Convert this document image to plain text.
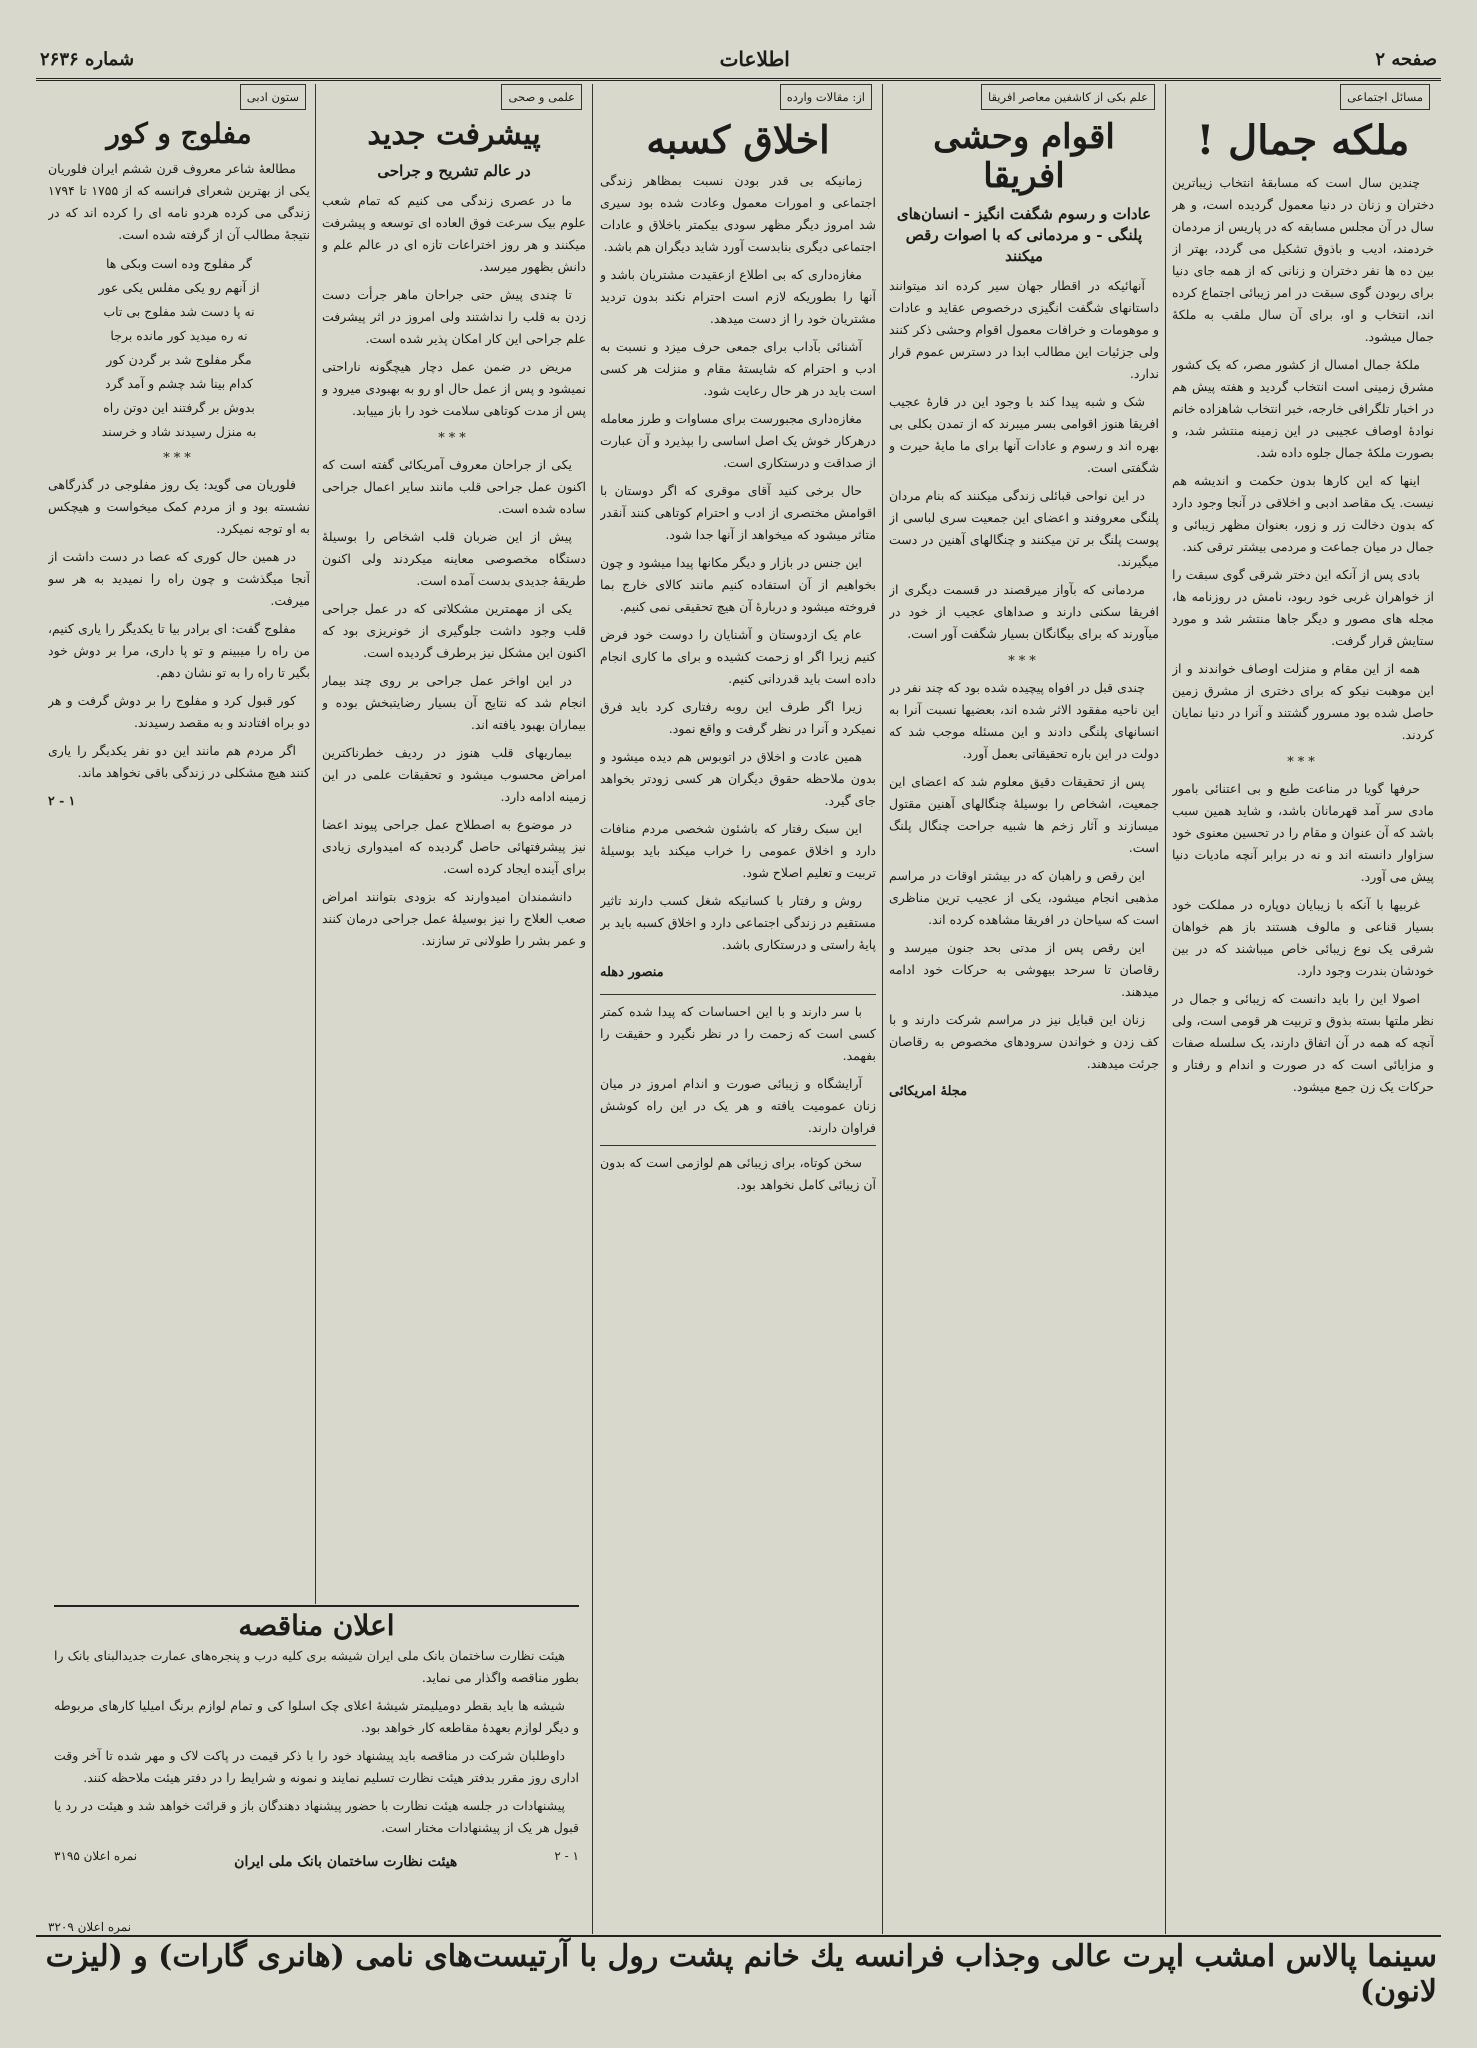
صفحه ۲
اطلاعات
شماره ۲۶۳۶
مسائل اجتماعی
ملکه جمال !

چندین سال است که مسابقهٔ انتخاب زیباترین دختران و زنان در دنیا معمول گردیده است، و هر سال در آن مجلس مسابقه که در پاریس از مردمان خردمند، ادیب و باذوق تشکیل می گردد، بهتر از بین ده ها نفر دختران و زنانی که از همه جای دنیا برای ربودن گوی سبقت در امر زیبائی اجتماع کرده اند، انتخاب و او، برای آن سال ملقب به ملکهٔ جمال میشود.

ملکهٔ جمال امسال از کشور مصر، که یک کشور مشرق زمینی است انتخاب گردید و هفته پیش هم در اخبار تلگرافی خارجه، خبر انتخاب شاهزاده خانم نوادهٔ اوصاف عجیبی در این زمینه منتشر شد، و بصورت ملکهٔ جمال جلوه داده شد.

اینها که این کارها بدون حکمت و اندیشه هم نیست. یک مقاصد ادبی و اخلاقی در آنجا وجود دارد که بدون دخالت زر و زور، بعنوان مظهر زیبائی و جمال در میان جماعت و مردمی بیشتر ترقی کند.

بادی پس از آنکه این دختر شرقی گوی سبقت را از خواهران غربی خود ربود، نامش در روزنامه ها، مجله های مصور و دیگر جاها منتشر شد و مورد ستایش قرار گرفت.

همه از این مقام و منزلت اوصاف خواندند و از این موهبت نیکو که برای دختری از مشرق زمین حاصل شده بود مسرور گشتند و آنرا در دنیا نمایان کردند.

***

حرفها گویا در مناعت طبع و بی اعتنائی بامور مادی سر آمد قهرمانان باشد، و شاید همین سبب باشد که آن عنوان و مقام را در تحسین معنوی خود سزاوار دانسته اند و نه در برابر آنچه مادیات دنیا پیش می آورد.

غربیها با آنکه با زیبایان دوپاره در مملکت خود بسیار قناعی و مالوف هستند باز هم خواهان شرقی یک نوع زیبائی خاص میباشند که در بین خودشان بندرت وجود دارد.

اصولا این را باید دانست که زیبائی و جمال در نظر ملتها بسته بذوق و تربیت هر قومی است، ولی آنچه که همه در آن اتفاق دارند، یک سلسله صفات و مزایائی است که در صورت و اندام و رفتار و حرکات یک زن جمع میشود.

علم بکی از کاشفین معاصر افریقا
اقوام وحشی افریقا
عادات و رسوم شگفت انگیز - انسان‌های پلنگی - و مردمانی که با اصوات رقص میکنند

آنهائیکه در اقطار جهان سیر کرده اند میتوانند داستانهای شگفت انگیزی درخصوص عقاید و عادات و موهومات و خرافات معمول اقوام وحشی ذکر کنند ولی جزئیات این مطالب ابدا در دسترس عموم قرار ندارد.

شک و شبه پیدا کند با وجود این در قارهٔ عجیب افریقا هنوز اقوامی بسر میبرند که از تمدن بکلی بی بهره اند و رسوم و عادات آنها برای ما مایهٔ حیرت و شگفتی است.

در این نواحی قبائلی زندگی میکنند که بنام مردان پلنگی معروفند و اعضای این جمعیت سری لباسی از پوست پلنگ بر تن میکنند و چنگالهای آهنین در دست میگیرند.

مردمانی که بآواز میرقصند در قسمت دیگری از افریقا سکنی دارند و صداهای عجیب از خود در میآورند که برای بیگانگان بسیار شگفت آور است.

***

چندی قبل در افواه پیچیده شده بود که چند نفر در این ناحیه مفقود الاثر شده اند، بعضیها نسبت آنرا به انسانهای پلنگی دادند و این مسئله موجب شد که دولت در این باره تحقیقاتی بعمل آورد.

پس از تحقیقات دقیق معلوم شد که اعضای این جمعیت، اشخاص را بوسیلهٔ چنگالهای آهنین مقتول میسازند و آثار زخم ها شبیه جراحت چنگال پلنگ است.

این رقص و راهبان که در بیشتر اوقات در مراسم مذهبی انجام میشود، یکی از عجیب ترین مناظری است که سیاحان در افریقا مشاهده کرده اند.

این رقص پس از مدتی بحد جنون میرسد و رقاصان تا سرحد بیهوشی به حرکات خود ادامه میدهند.

زنان این قبایل نیز در مراسم شرکت دارند و با کف زدن و خواندن سرودهای مخصوص به رقاصان جرئت میدهند.

مجلهٔ امریکائی
از: مقالات وارده
اخلاق کسبه

زمانیکه بی قدر بودن نسبت بمظاهر زندگی اجتماعی و امورات معمول وعادت شده بود سیری شد امروز دیگر مظهر سودی بیکمتر باخلاق و عادات اجتماعی دیگری بنابدست آورد شاید دیگران هم باشد.

مغازه‌داری که بی اطلاع ازعقیدت مشتریان باشد و آنها را بطوریکه لازم است احترام نکند بدون تردید مشتریان خود را از دست میدهد.

آشنائی بآداب برای جمعی حرف میزد و نسبت به ادب و احترام که شایستهٔ مقام و منزلت هر کسی است باید در هر حال رعایت شود.

مغازه‌داری مجبورست برای مساوات و طرز معامله درهرکار خوش یک اصل اساسی را بپذیرد و آن عبارت از صداقت و درستکاری است.

حال برخی کنید آقای موقری که اگر دوستان با اقوامش مختصری از ادب و احترام کوتاهی کنند آنقدر متاثر میشود که میخواهد از آنها جدا شود.

این جنس در بازار و دیگر مکانها پیدا میشود و چون بخواهیم از آن استفاده کنیم مانند کالای خارج بما فروخته میشود و دربارهٔ آن هیچ تحقیقی نمی کنیم.

عام یک ازدوستان و آشنایان را دوست خود فرض کنیم زیرا اگر او زحمت کشیده و برای ما کاری انجام داده است باید قدردانی کنیم.

زیرا اگر طرف این روبه رفتاری کرد باید فرق نمیکرد و آنرا در نظر گرفت و واقع نمود.

همین عادت و اخلاق در اتوبوس هم دیده میشود و بدون ملاحظه حقوق دیگران هر کسی زودتر بخواهد جای گیرد.

این سبک رفتار که باشئون شخصی مردم منافات دارد و اخلاق عمومی را خراب میکند باید بوسیلهٔ تربیت و تعلیم اصلاح شود.

روش و رفتار با کسانیکه شغل کسب دارند تاثیر مستقیم در زندگی اجتماعی دارد و اخلاق کسبه باید بر پایهٔ راستی و درستکاری باشد.

منصور دهله

با سر دارند و با این احساسات که پیدا شده کمتر کسی است که زحمت را در نظر نگیرد و حقیقت را بفهمد.

آرایشگاه و زیبائی صورت و اندام امروز در میان زنان عمومیت یافته و هر یک در این راه کوشش فراوان دارند.

سخن کوتاه، برای زیبائی هم لوازمی است که بدون آن زیبائی کامل نخواهد بود.

علمی و صحی
پیشرفت جدید
در عالم تشریح و جراحی

ما در عصری زندگی می کنیم که تمام شعب علوم بیک سرعت فوق العاده ای توسعه و پیشرفت میکنند و هر روز اختراعات تازه ای در عالم علم و دانش بظهور میرسد.

تا چندی پیش حتی جراحان ماهر جرأت دست زدن به قلب را نداشتند ولی امروز در اثر پیشرفت علم جراحی این کار امکان پذیر شده است.

مریض در ضمن عمل دچار هیچگونه ناراحتی نمیشود و پس از عمل حال او رو به بهبودی میرود و پس از مدت کوتاهی سلامت خود را باز مییابد.

***

یکی از جراحان معروف آمریکائی گفته است که اکنون عمل جراحی قلب مانند سایر اعمال جراحی ساده شده است.

پیش از این ضربان قلب اشخاص را بوسیلهٔ دستگاه مخصوصی معاینه میکردند ولی اکنون طریقهٔ جدیدی بدست آمده است.

یکی از مهمترین مشکلاتی که در عمل جراحی قلب وجود داشت جلوگیری از خونریزی بود که اکنون این مشکل نیز برطرف گردیده است.

در این اواخر عمل جراحی بر روی چند بیمار انجام شد که نتایج آن بسیار رضایتبخش بوده و بیماران بهبود یافته اند.

بیماریهای قلب هنوز در ردیف خطرناکترین امراض محسوب میشود و تحقیقات علمی در این زمینه ادامه دارد.

در موضوع به اصطلاح عمل جراحی پیوند اعضا نیز پیشرفتهائی حاصل گردیده که امیدواری زیادی برای آینده ایجاد کرده است.

دانشمندان امیدوارند که بزودی بتوانند امراض صعب العلاج را نیز بوسیلهٔ عمل جراحی درمان کنند و عمر بشر را طولانی تر سازند.

ستون ادبی
مفلوج و کور

مطالعهٔ شاعر معروف قرن ششم ایران فلوریان یکی از بهترین شعرای فرانسه که از ۱۷۵۵ تا ۱۷۹۴ زندگی می کرده هردو نامه ای را کرده اند که در نتیجهٔ مطالب آن از گرفته شده است.

گر مفلوج وده است وبکی ها
از آنهم رو یکی مفلس یکی عور
نه پا دست شد مفلوج بی تاب
نه ره میدید کور مانده برجا
مگر مفلوج شد بر گردن کور
کدام بینا شد چشم و آمد گرد
بدوش بر گرفتند این دوتن راه
به منزل رسیدند شاد و خرسند
***

فلوریان می گوید: یک روز مفلوجی در گذرگاهی نشسته بود و از مردم کمک میخواست و هیچکس به او توجه نمیکرد.

در همین حال کوری که عصا در دست داشت از آنجا میگذشت و چون راه را نمیدید به هر سو میرفت.

مفلوج گفت: ای برادر بیا تا یکدیگر را یاری کنیم، من راه را میبینم و تو پا داری، مرا بر دوش خود بگیر تا راه را به تو نشان دهم.

کور قبول کرد و مفلوج را بر دوش گرفت و هر دو براه افتادند و به مقصد رسیدند.

اگر مردم هم مانند این دو نفر یکدیگر را یاری کنند هیچ مشکلی در زندگی باقی نخواهد ماند.

۱ - ۲
اعلان مناقصه

هیئت نظارت ساختمان بانک ملی ایران شیشه بری کلیه درب و پنجره‌های عمارت جدیدالبنای بانک را بطور مناقصه واگذار می نماید.

شیشه ها باید بقطر دومیلیمتر شیشهٔ اعلای چک اسلوا کی و تمام لوازم برنگ امیلیا کارهای مربوطه و دیگر لوازم بعهدهٔ مقاطعه کار خواهد بود.

داوطلبان شرکت در مناقصه باید پیشنهاد خود را با ذکر قیمت در پاکت لاک و مهر شده تا آخر وقت اداری روز مقرر بدفتر هیئت نظارت تسلیم نمایند و نمونه و شرایط را در دفتر هیئت ملاحظه کنند.

پیشنهادات در جلسه هیئت نظارت با حضور پیشنهاد دهندگان باز و قرائت خواهد شد و هیئت در رد یا قبول هر یک از پیشنهادات مختار است.

۱ - ۲
هیئت نظارت ساختمان بانک ملی ایران
نمره اعلان ۳۱۹۵
نمره اعلان ۳۲۰۹
سینما پالاس امشب اپرت عالی وجذاب فرانسه یك خانم پشت رول با آرتیست‌های نامی (هانری گارات) و (لیزت لانون)
